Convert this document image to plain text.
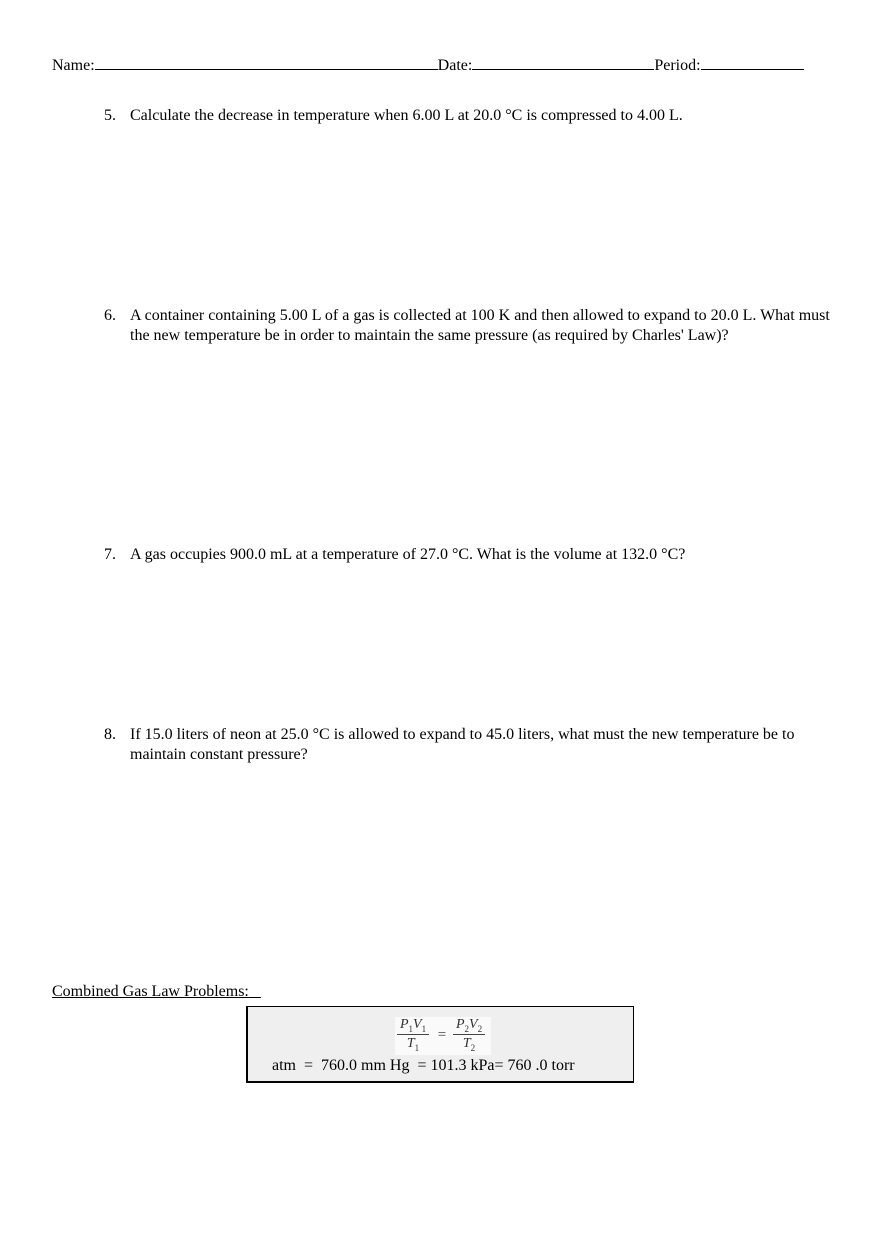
Name:	Date:	Period:
5. Calculate the decrease in temperature when 6.00 L at 20.0 °C is compressed to 4.00 L.
6. A container containing 5.00 L of a gas is collected at 100 K and then allowed to expand to 20.0 L. What must the new temperature be in order to maintain the same pressure (as required by Charles' Law)?
7. A gas occupies 900.0 mL at a temperature of 27.0 °C. What is the volume at 132.0 °C?
8. If 15.0 liters of neon at 25.0 °C is allowed to expand to 45.0 liters, what must the new temperature be to maintain constant pressure?
Combined Gas Law Problems:
$P_1V_1$
$T_1$
=
$P_2V_2$
$T_2$
atm  =  760.0 mm Hg  = 101.3 kPa= 760 .0 torr
